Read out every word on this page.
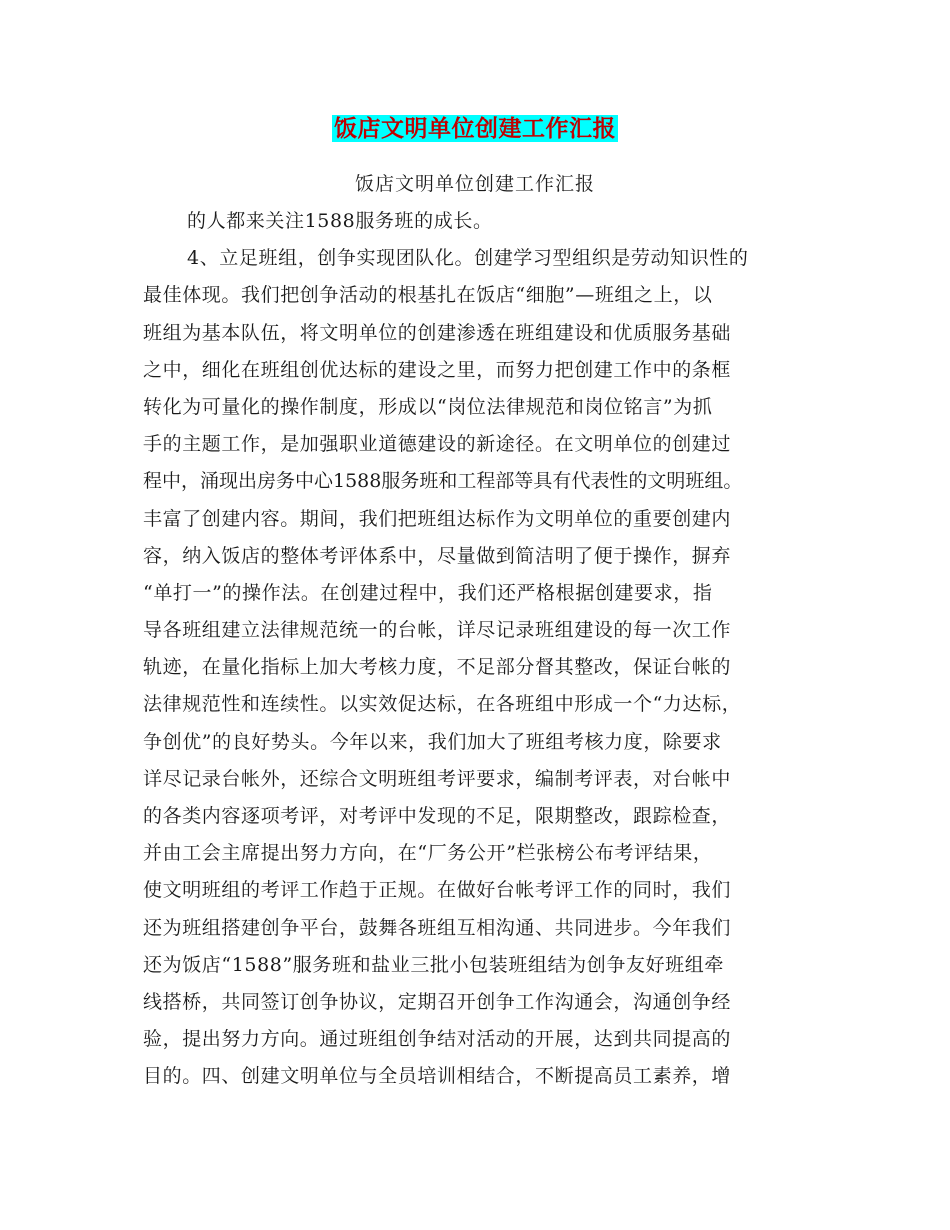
饭店文明单位创建工作汇报
饭店文明单位创建工作汇报
的人都来关注1588服务班的成长。
4、立足班组，创争实现团队化。创建学习型组织是劳动知识性的
最佳体现。我们把创争活动的根基扎在饭店“细胞”—班组之上，以
班组为基本队伍，将文明单位的创建渗透在班组建设和优质服务基础
之中，细化在班组创优达标的建设之里，而努力把创建工作中的条框
转化为可量化的操作制度，形成以“岗位法律规范和岗位铭言”为抓
手的主题工作，是加强职业道德建设的新途径。在文明单位的创建过
程中，涌现出房务中心1588服务班和工程部等具有代表性的文明班组。
丰富了创建内容。期间，我们把班组达标作为文明单位的重要创建内
容，纳入饭店的整体考评体系中，尽量做到简洁明了便于操作，摒弃
“单打一”的操作法。在创建过程中，我们还严格根据创建要求，指
导各班组建立法律规范统一的台帐，详尽记录班组建设的每一次工作
轨迹，在量化指标上加大考核力度，不足部分督其整改，保证台帐的
法律规范性和连续性。以实效促达标，在各班组中形成一个“力达标，
争创优”的良好势头。今年以来，我们加大了班组考核力度，除要求
详尽记录台帐外，还综合文明班组考评要求，编制考评表，对台帐中
的各类内容逐项考评，对考评中发现的不足，限期整改，跟踪检查，
并由工会主席提出努力方向，在“厂务公开”栏张榜公布考评结果，
使文明班组的考评工作趋于正规。在做好台帐考评工作的同时，我们
还为班组搭建创争平台，鼓舞各班组互相沟通、共同进步。今年我们
还为饭店“1588”服务班和盐业三批小包装班组结为创争友好班组牵
线搭桥，共同签订创争协议，定期召开创争工作沟通会，沟通创争经
验，提出努力方向。通过班组创争结对活动的开展，达到共同提高的
目的。四、创建文明单位与全员培训相结合，不断提高员工素养，增
